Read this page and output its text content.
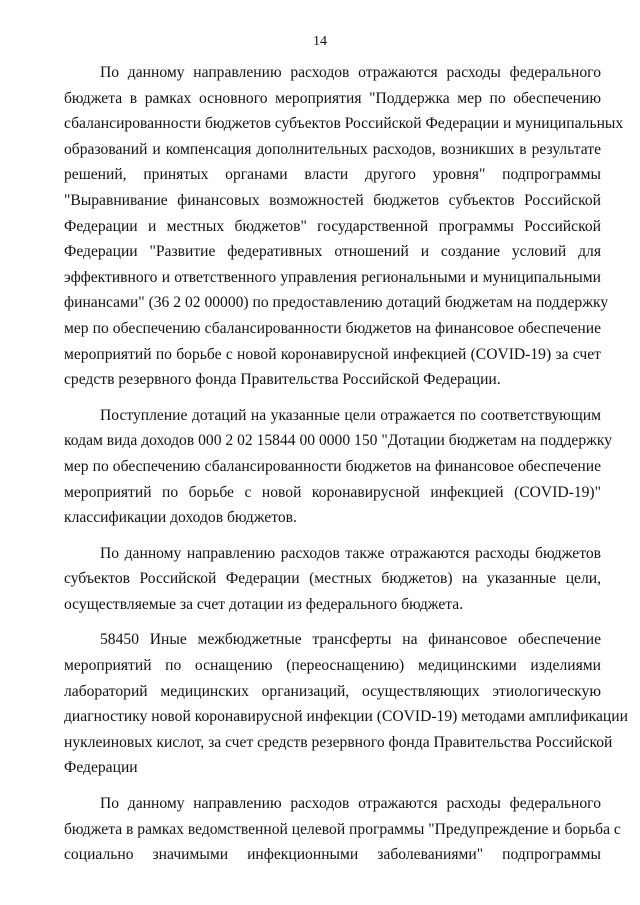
14
По данному направлению расходов отражаются расходы федерального
бюджета в рамках основного мероприятия "Поддержка мер по обеспечению
сбалансированности бюджетов субъектов Российской Федерации и муниципальных
образований и компенсация дополнительных расходов, возникших в результате
решений, принятых органами власти другого уровня" подпрограммы
"Выравнивание финансовых возможностей бюджетов субъектов Российской
Федерации и местных бюджетов" государственной программы Российской
Федерации "Развитие федеративных отношений и создание условий для
эффективного и ответственного управления региональными и муниципальными
финансами" (36 2 02 00000) по предоставлению дотаций бюджетам на поддержку
мер по обеспечению сбалансированности бюджетов на финансовое обеспечение
мероприятий по борьбе с новой коронавирусной инфекцией (COVID-19) за счет
средств резервного фонда Правительства Российской Федерации.
Поступление дотаций на указанные цели отражается по соответствующим
кодам вида доходов 000 2 02 15844 00 0000 150 "Дотации бюджетам на поддержку
мер по обеспечению сбалансированности бюджетов на финансовое обеспечение
мероприятий по борьбе с новой коронавирусной инфекцией (COVID-19)"
классификации доходов бюджетов.
По данному направлению расходов также отражаются расходы бюджетов
субъектов Российской Федерации (местных бюджетов) на указанные цели,
осуществляемые за счет дотации из федерального бюджета.
58450 Иные межбюджетные трансферты на финансовое обеспечение
мероприятий по оснащению (переоснащению) медицинскими изделиями
лабораторий медицинских организаций, осуществляющих этиологическую
диагностику новой коронавирусной инфекции (COVID-19) методами амплификации
нуклеиновых кислот, за счет средств резервного фонда Правительства Российской
Федерации
По данному направлению расходов отражаются расходы федерального
бюджета в рамках ведомственной целевой программы "Предупреждение и борьба с
социально значимыми инфекционными заболеваниями" подпрограммы
